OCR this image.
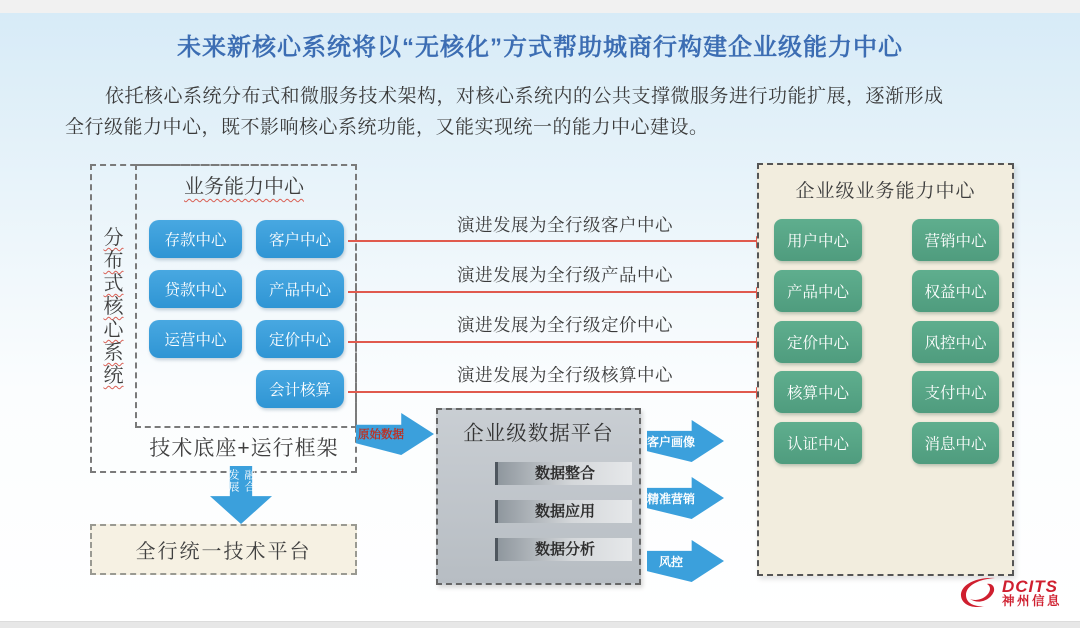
未来新核心系统将以“无核化”方式帮助城商行构建企业级能力中心
依托核心系统分布式和微服务技术架构，对核心系统内的公共支撑微服务进行功能扩展，逐渐形成
全行级能力中心，既不影响核心系统功能，又能实现统一的能力中心建设。
分
布
式
核
心
系
统
业务能力中心
存款中心	客户中心
贷款中心	产品中心
运营中心	定价中心
会计核算
技术底座+运行框架
融合发展
全行统一技术平台
演进发展为全行级客户中心
演进发展为全行级产品中心
演进发展为全行级定价中心
演进发展为全行级核算中心
原始数据	企业级数据平台
数据整合
数据应用
数据分析
客户画像
精准营销
风控
企业级业务能力中心
用户中心	营销中心
产品中心	权益中心
定价中心	风控中心
核算中心	支付中心
认证中心	消息中心
DCITS
神州信息
